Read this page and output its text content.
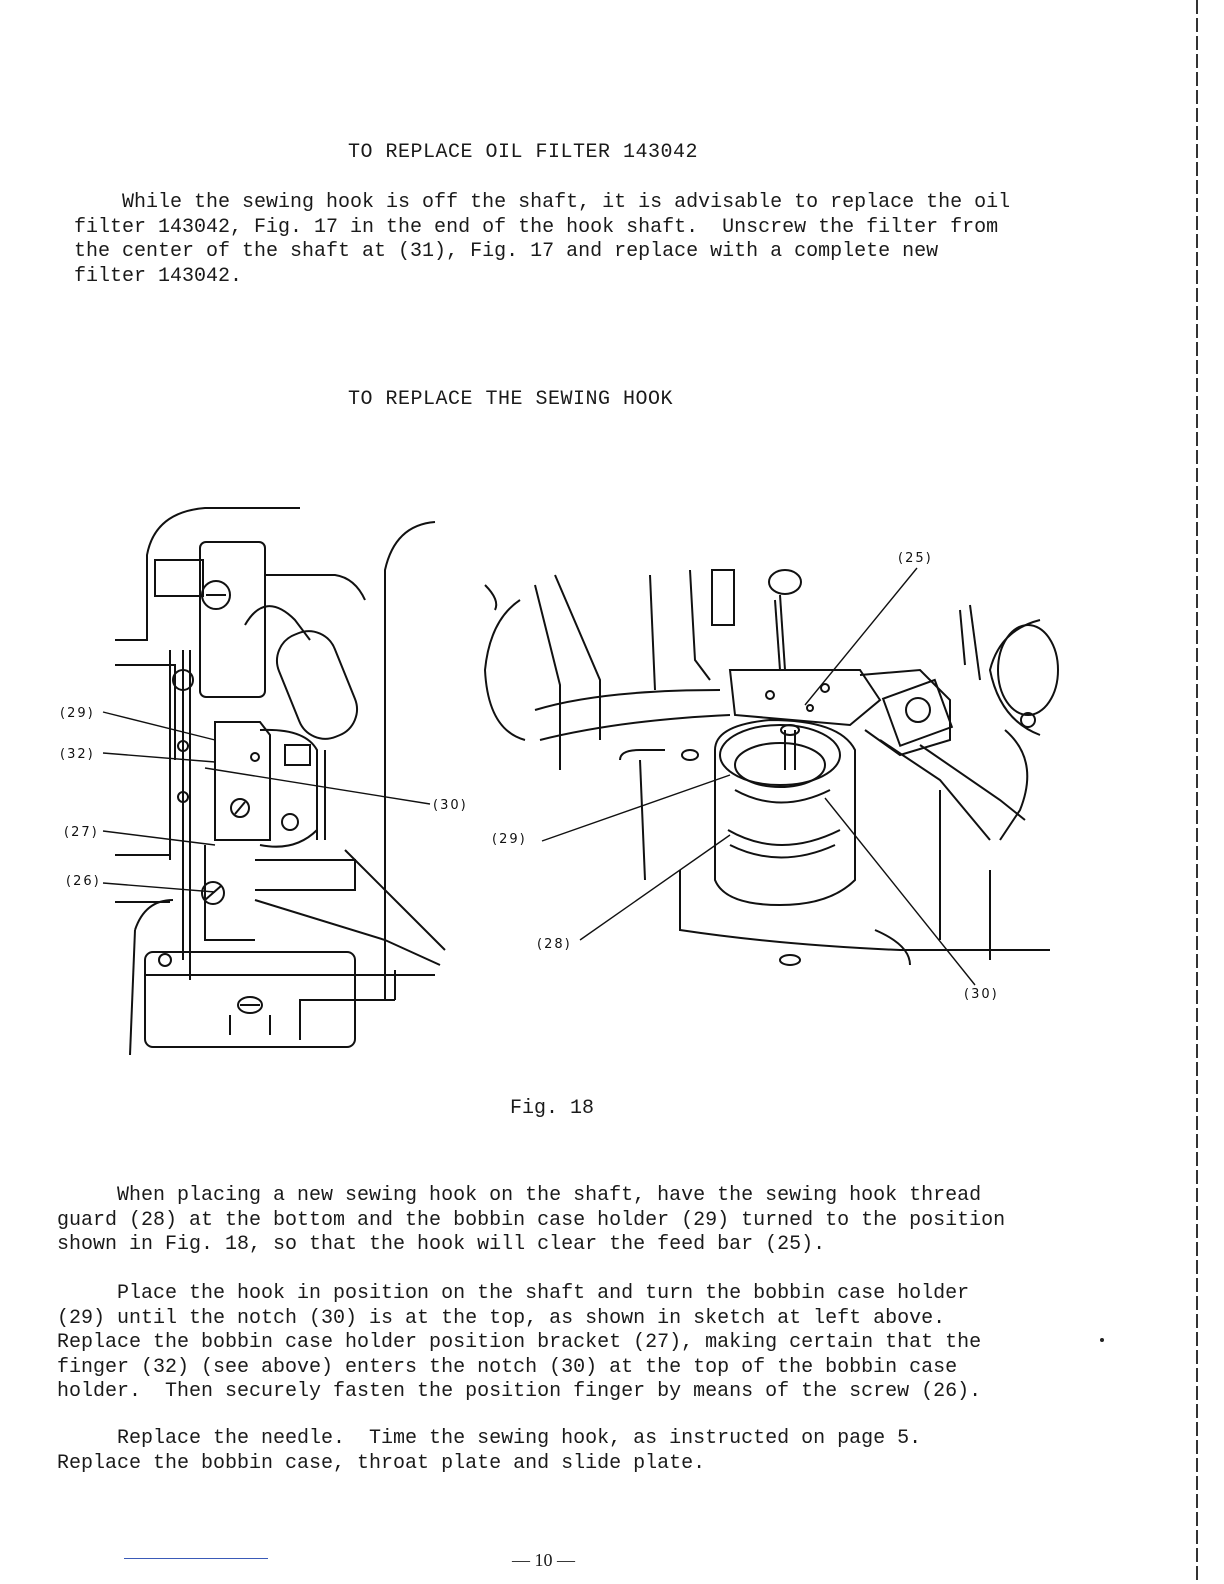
TO REPLACE OIL FILTER 143042

While the sewing hook is off the shaft, it is advisable to replace the oil
filter 143042, Fig. 17 in the end of the hook shaft.  Unscrew the filter from
the center of the shaft at (31), Fig. 17 and replace with a complete new
filter 143042.

TO REPLACE THE SEWING HOOK
(29)
(32)
(27)
(26)
(30)
(25)
(29)
(28)
(30)
Fig. 18

When placing a new sewing hook on the shaft, have the sewing hook thread
guard (28) at the bottom and the bobbin case holder (29) turned to the position
shown in Fig. 18, so that the hook will clear the feed bar (25).

Place the hook in position on the shaft and turn the bobbin case holder
(29) until the notch (30) is at the top, as shown in sketch at left above.
Replace the bobbin case holder position bracket (27), making certain that the
finger (32) (see above) enters the notch (30) at the top of the bobbin case
holder.  Then securely fasten the position finger by means of the screw (26).

Replace the needle.  Time the sewing hook, as instructed on page 5.
Replace the bobbin case, throat plate and slide plate.

— 10 —
